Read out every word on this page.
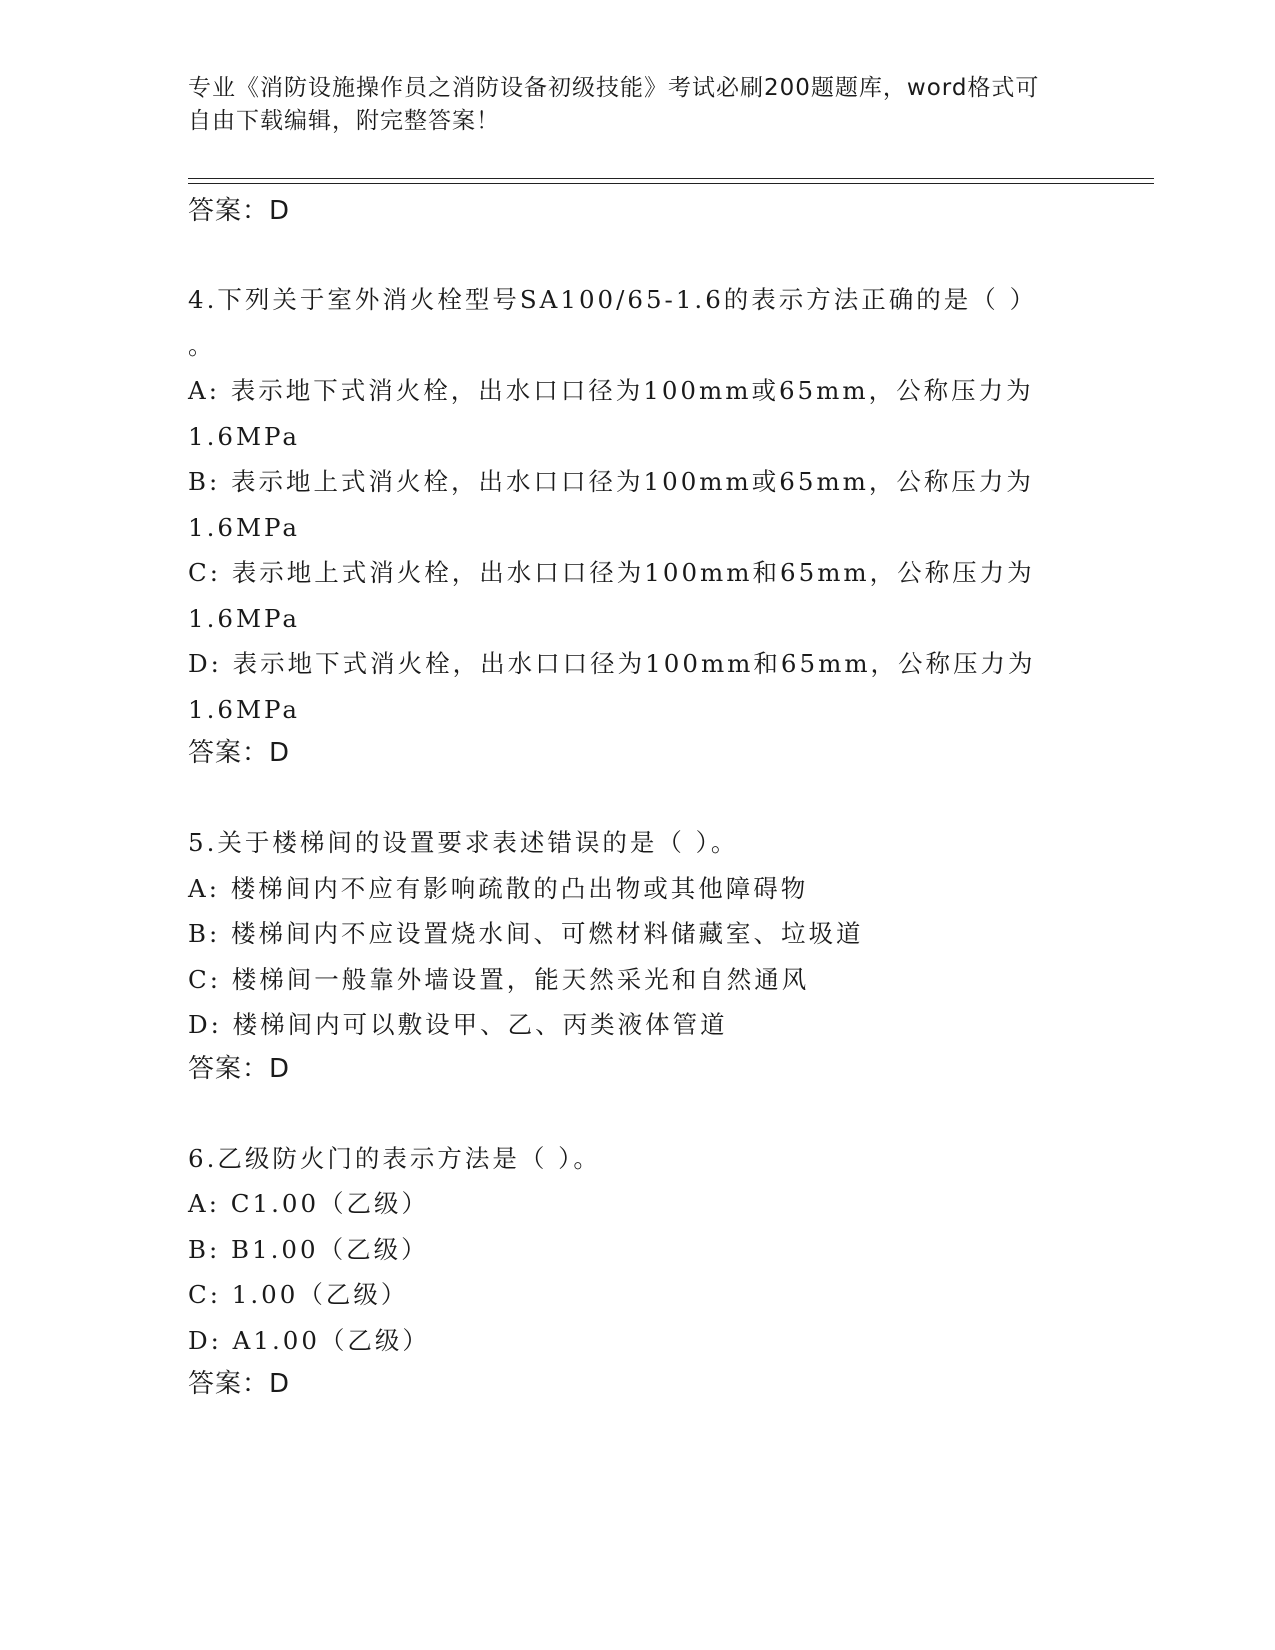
专业《消防设施操作员之消防设备初级技能》考试必刷200题题库，word格式可
自由下载编辑，附完整答案！
答案：D
4.下列关于室外消火栓型号SA100/65-1.6的表示方法正确的是（ ）
。
A: 表示地下式消火栓，出水口口径为100mm或65mm，公称压力为
1.6MPa
B: 表示地上式消火栓，出水口口径为100mm或65mm，公称压力为
1.6MPa
C: 表示地上式消火栓，出水口口径为100mm和65mm，公称压力为
1.6MPa
D: 表示地下式消火栓，出水口口径为100mm和65mm，公称压力为
1.6MPa
答案：D
5.关于楼梯间的设置要求表述错误的是（ ）。
A: 楼梯间内不应有影响疏散的凸出物或其他障碍物
B: 楼梯间内不应设置烧水间、可燃材料储藏室、垃圾道
C: 楼梯间一般靠外墙设置，能天然采光和自然通风
D: 楼梯间内可以敷设甲、乙、丙类液体管道
答案：D
6.乙级防火门的表示方法是（ ）。
A: C1.00（乙级）
B: B1.00（乙级）
C: 1.00（乙级）
D: A1.00（乙级）
答案：D
